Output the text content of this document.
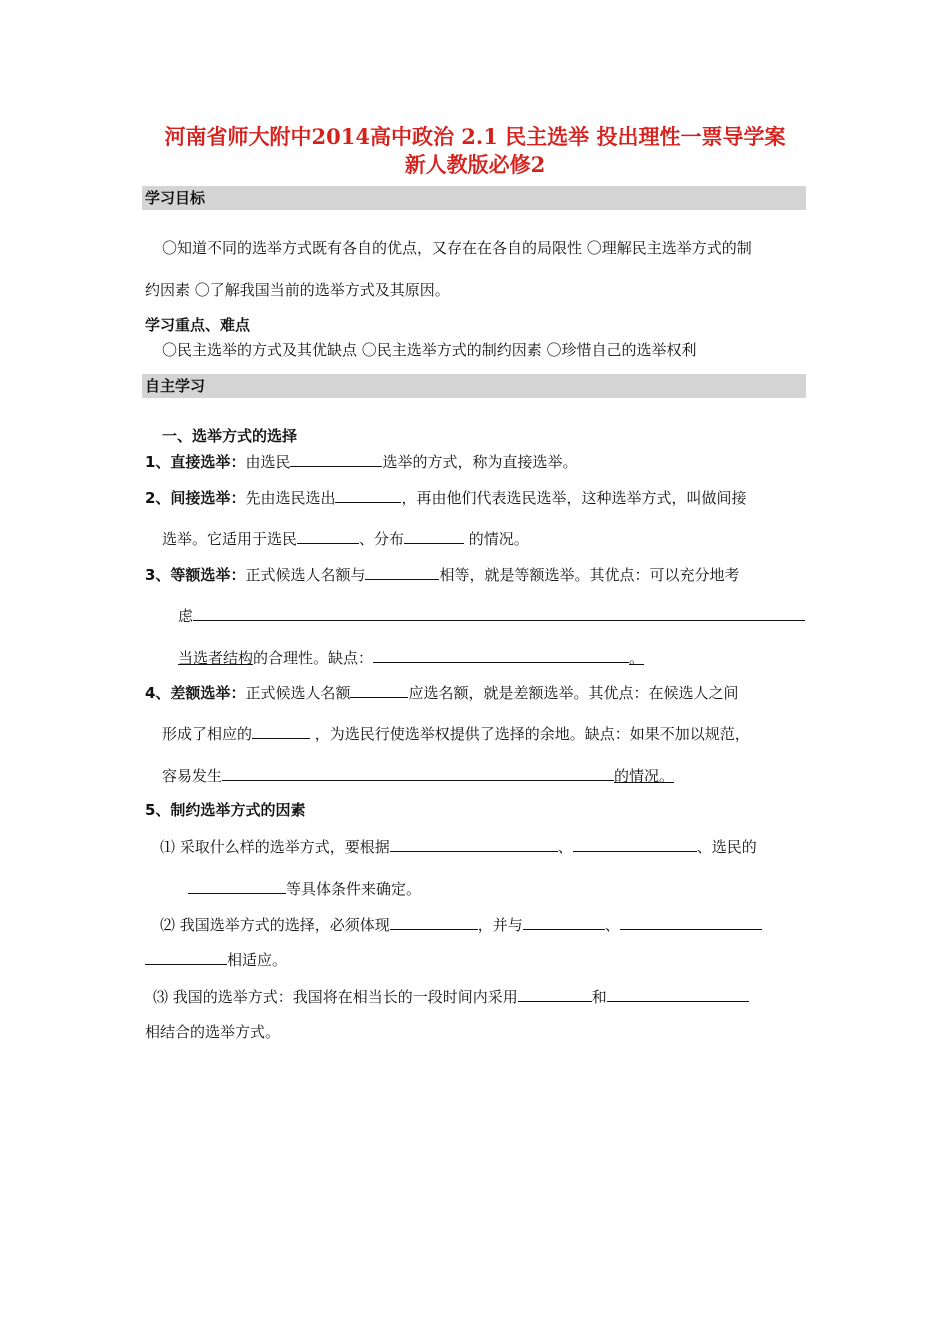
河南省师大附中2014高中政治 2.1 民主选举 投出理性一票导学案
新人教版必修2
学习目标
〇知道不同的选举方式既有各自的优点，又存在在各自的局限性 〇理解民主选举方式的制
约因素 〇了解我国当前的选举方式及其原因。
学习重点、难点
〇民主选举的方式及其优缺点 〇民主选举方式的制约因素 〇珍惜自己的选举权利
自主学习
一、选举方式的选择
1、直接选举：由选民	选举的方式，称为直接选举。
2、间接选举：先由选民选出	，再由他们代表选民选举，这种选举方式，叫做间接
选举。它适用于选民	、分布	的情况。
3、等额选举：正式候选人名额与	相等，就是等额选举。其优点：可以充分地考
虑
当选者结构的合理性。缺点：	。
4、差额选举：正式候选人名额	应选名额，就是差额选举。其优点：在候选人之间
形成了相应的	，为选民行使选举权提供了选择的余地。缺点：如果不加以规范，
容易发生	的情况。
5、制约选举方式的因素
⑴ 采取什么样的选举方式，要根据	、	、选民的
等具体条件来确定。
⑵ 我国选举方式的选择，必须体现	，并与	、
相适应。
⑶ 我国的选举方式：我国将在相当长的一段时间内采用	和
相结合的选举方式。
